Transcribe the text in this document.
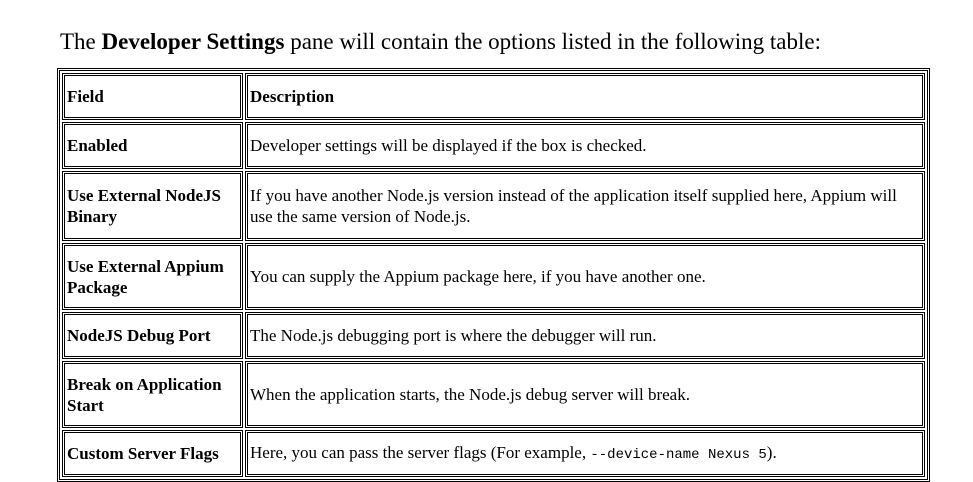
The Developer Settings pane will contain the options listed in the following table:

Field	Description
Enabled	Developer settings will be displayed if the box is checked.
Use External NodeJS Binary	If you have another Node.js version instead of the application itself supplied here, Appium will use the same version of Node.js.
Use External Appium Package	You can supply the Appium package here, if you have another one.
NodeJS Debug Port	The Node.js debugging port is where the debugger will run.
Break on Application Start	When the application starts, the Node.js debug server will break.
Custom Server Flags	Here, you can pass the server flags (For example, --device-name Nexus 5).
